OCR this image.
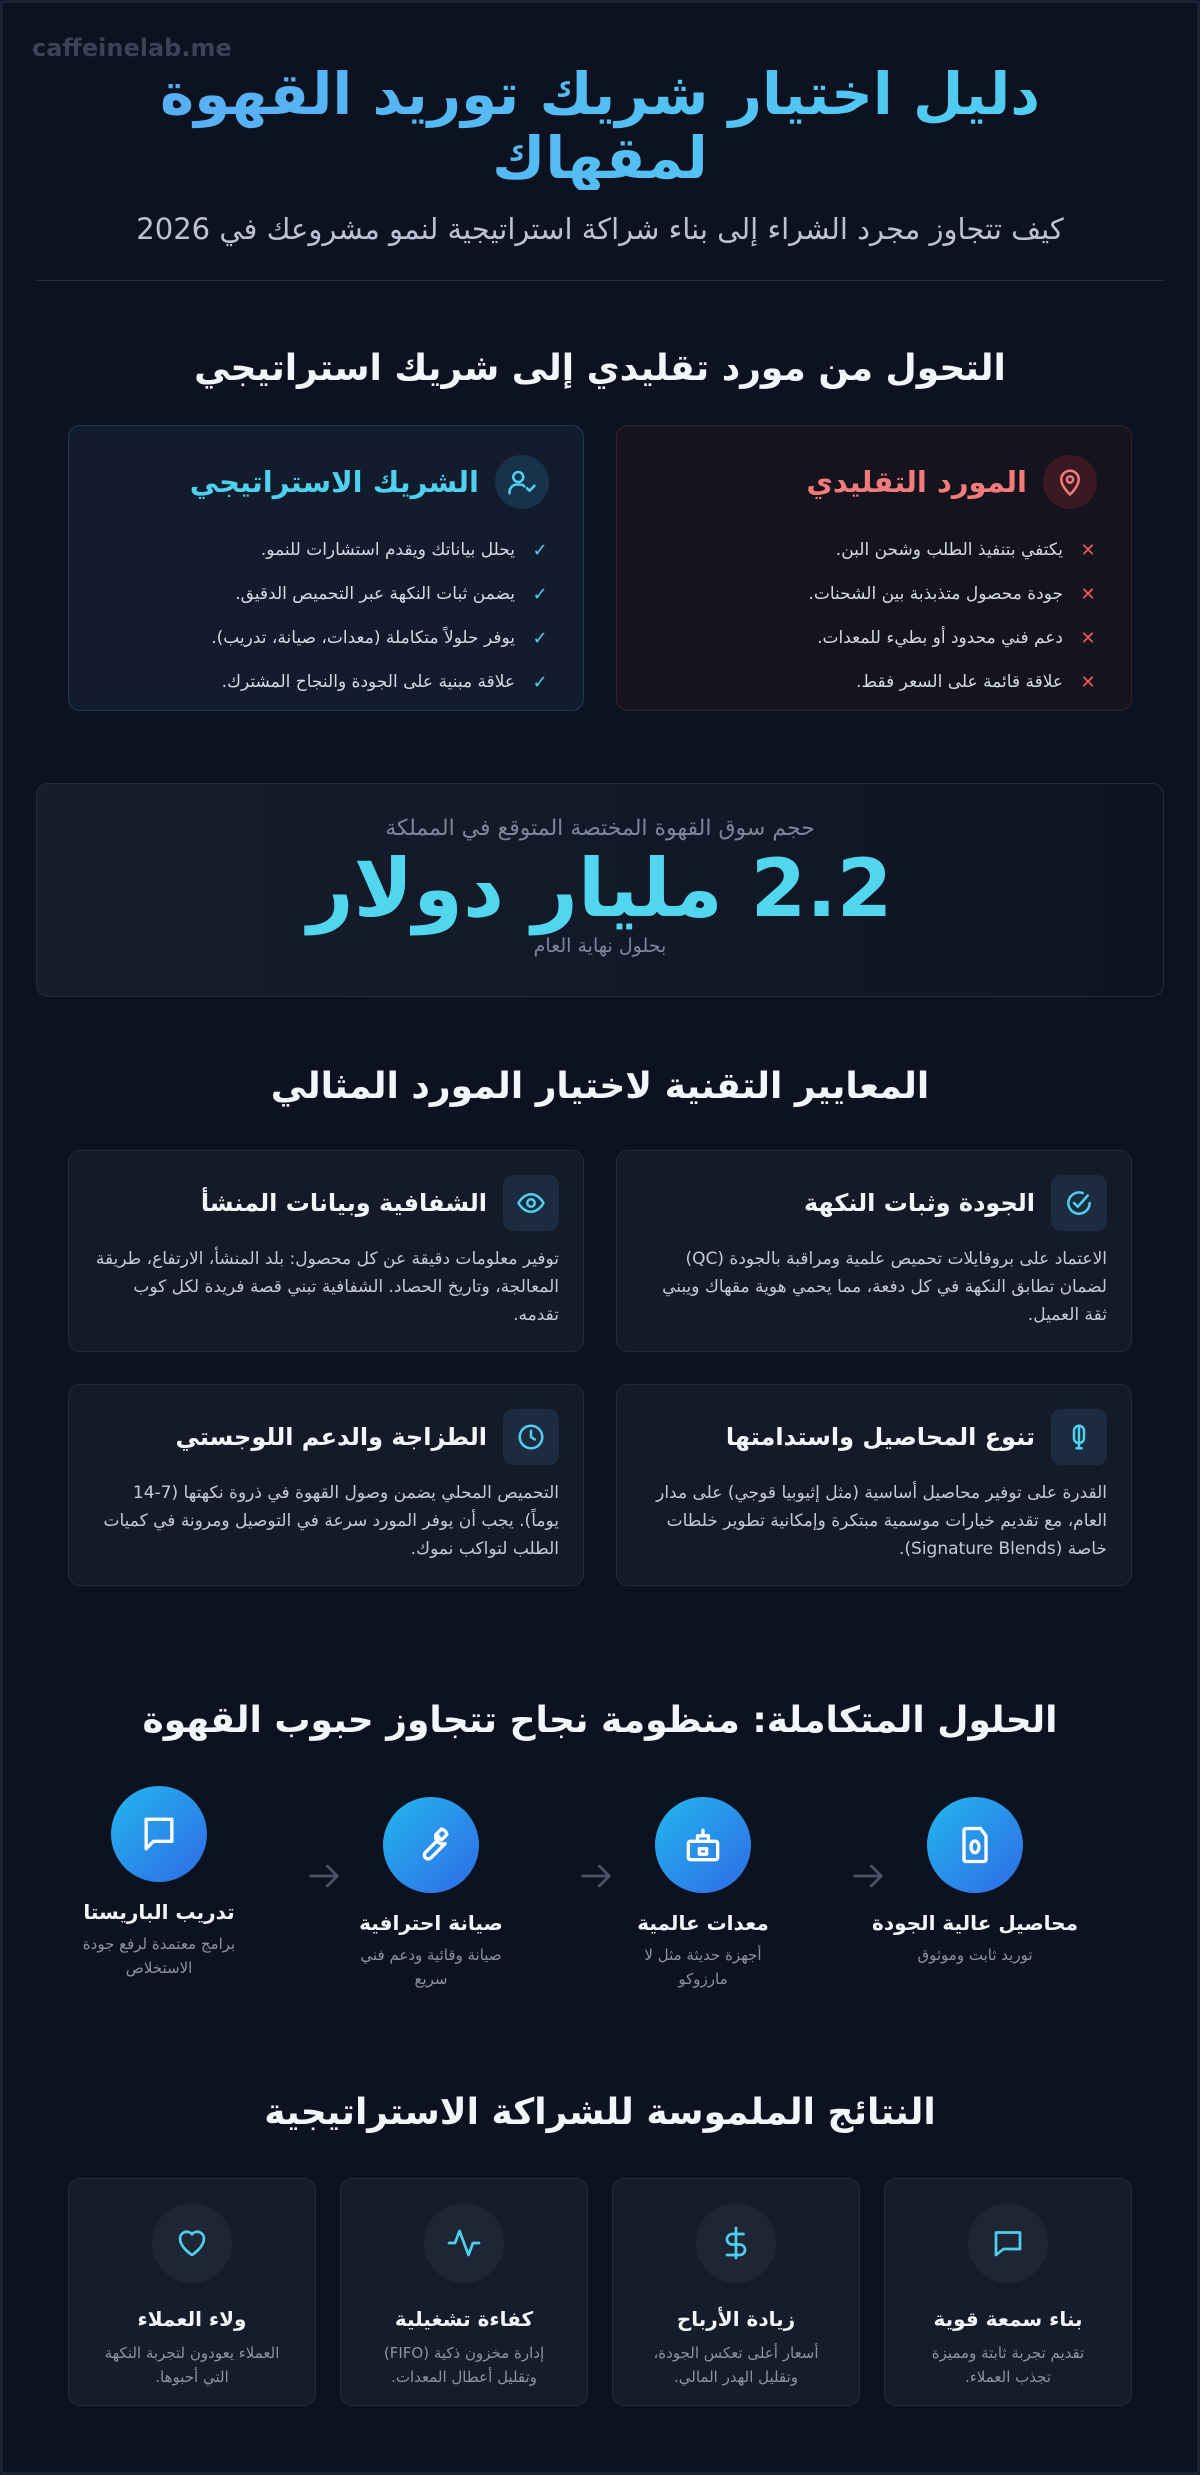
caffeinelab.me
دليل اختيار شريك توريد القهوة لمقهاك

كيف تتجاوز مجرد الشراء إلى بناء شراكة استراتيجية لنمو مشروعك في 2026

التحول من مورد تقليدي إلى شريك استراتيجي
المورد التقليدي
✕
يكتفي بتنفيذ الطلب وشحن البن.
✕
جودة محصول متذبذبة بين الشحنات.
✕
دعم فني محدود أو بطيء للمعدات.
✕
علاقة قائمة على السعر فقط.
الشريك الاستراتيجي
✓
يحلل بياناتك ويقدم استشارات للنمو.
✓
يضمن ثبات النكهة عبر التحميص الدقيق.
✓
يوفر حلولاً متكاملة (معدات، صيانة، تدريب).
✓
علاقة مبنية على الجودة والنجاح المشترك.
حجم سوق القهوة المختصة المتوقع في المملكة
2.2 مليار دولار
بحلول نهاية العام
المعايير التقنية لاختيار المورد المثالي
الجودة وثبات النكهة

الاعتماد على بروفايلات تحميص علمية ومراقبة بالجودة (QC) لضمان تطابق النكهة في كل دفعة، مما يحمي هوية مقهاك ويبني ثقة العميل.

الشفافية وبيانات المنشأ

توفير معلومات دقيقة عن كل محصول: بلد المنشأ، الارتفاع، طريقة المعالجة، وتاريخ الحصاد. الشفافية تبني قصة فريدة لكل كوب تقدمه.

تنوع المحاصيل واستدامتها

القدرة على توفير محاصيل أساسية (مثل إثيوبيا قوجي) على مدار العام، مع تقديم خيارات موسمية مبتكرة وإمكانية تطوير خلطات خاصة (Signature Blends).

الطزاجة والدعم اللوجستي

التحميص المحلي يضمن وصول القهوة في ذروة نكهتها (7-14 يوماً). يجب أن يوفر المورد سرعة في التوصيل ومرونة في كميات الطلب لتواكب نموك.

الحلول المتكاملة: منظومة نجاح تتجاوز حبوب القهوة
محاصيل عالية الجودة
توريد ثابت وموثوق
معدات عالمية
أجهزة حديثة مثل لا مارزوكو
صيانة احترافية
صيانة وقائية ودعم فني سريع
تدريب الباريستا
برامج معتمدة لرفع جودة الاستخلاص
النتائج الملموسة للشراكة الاستراتيجية
بناء سمعة قوية
تقديم تجربة ثابتة ومميزة تجذب العملاء.
زيادة الأرباح
أسعار أعلى تعكس الجودة، وتقليل الهدر المالي.
كفاءة تشغيلية
إدارة مخزون ذكية (FIFO) وتقليل أعطال المعدات.
ولاء العملاء
العملاء يعودون لتجربة النكهة التي أحبوها.
